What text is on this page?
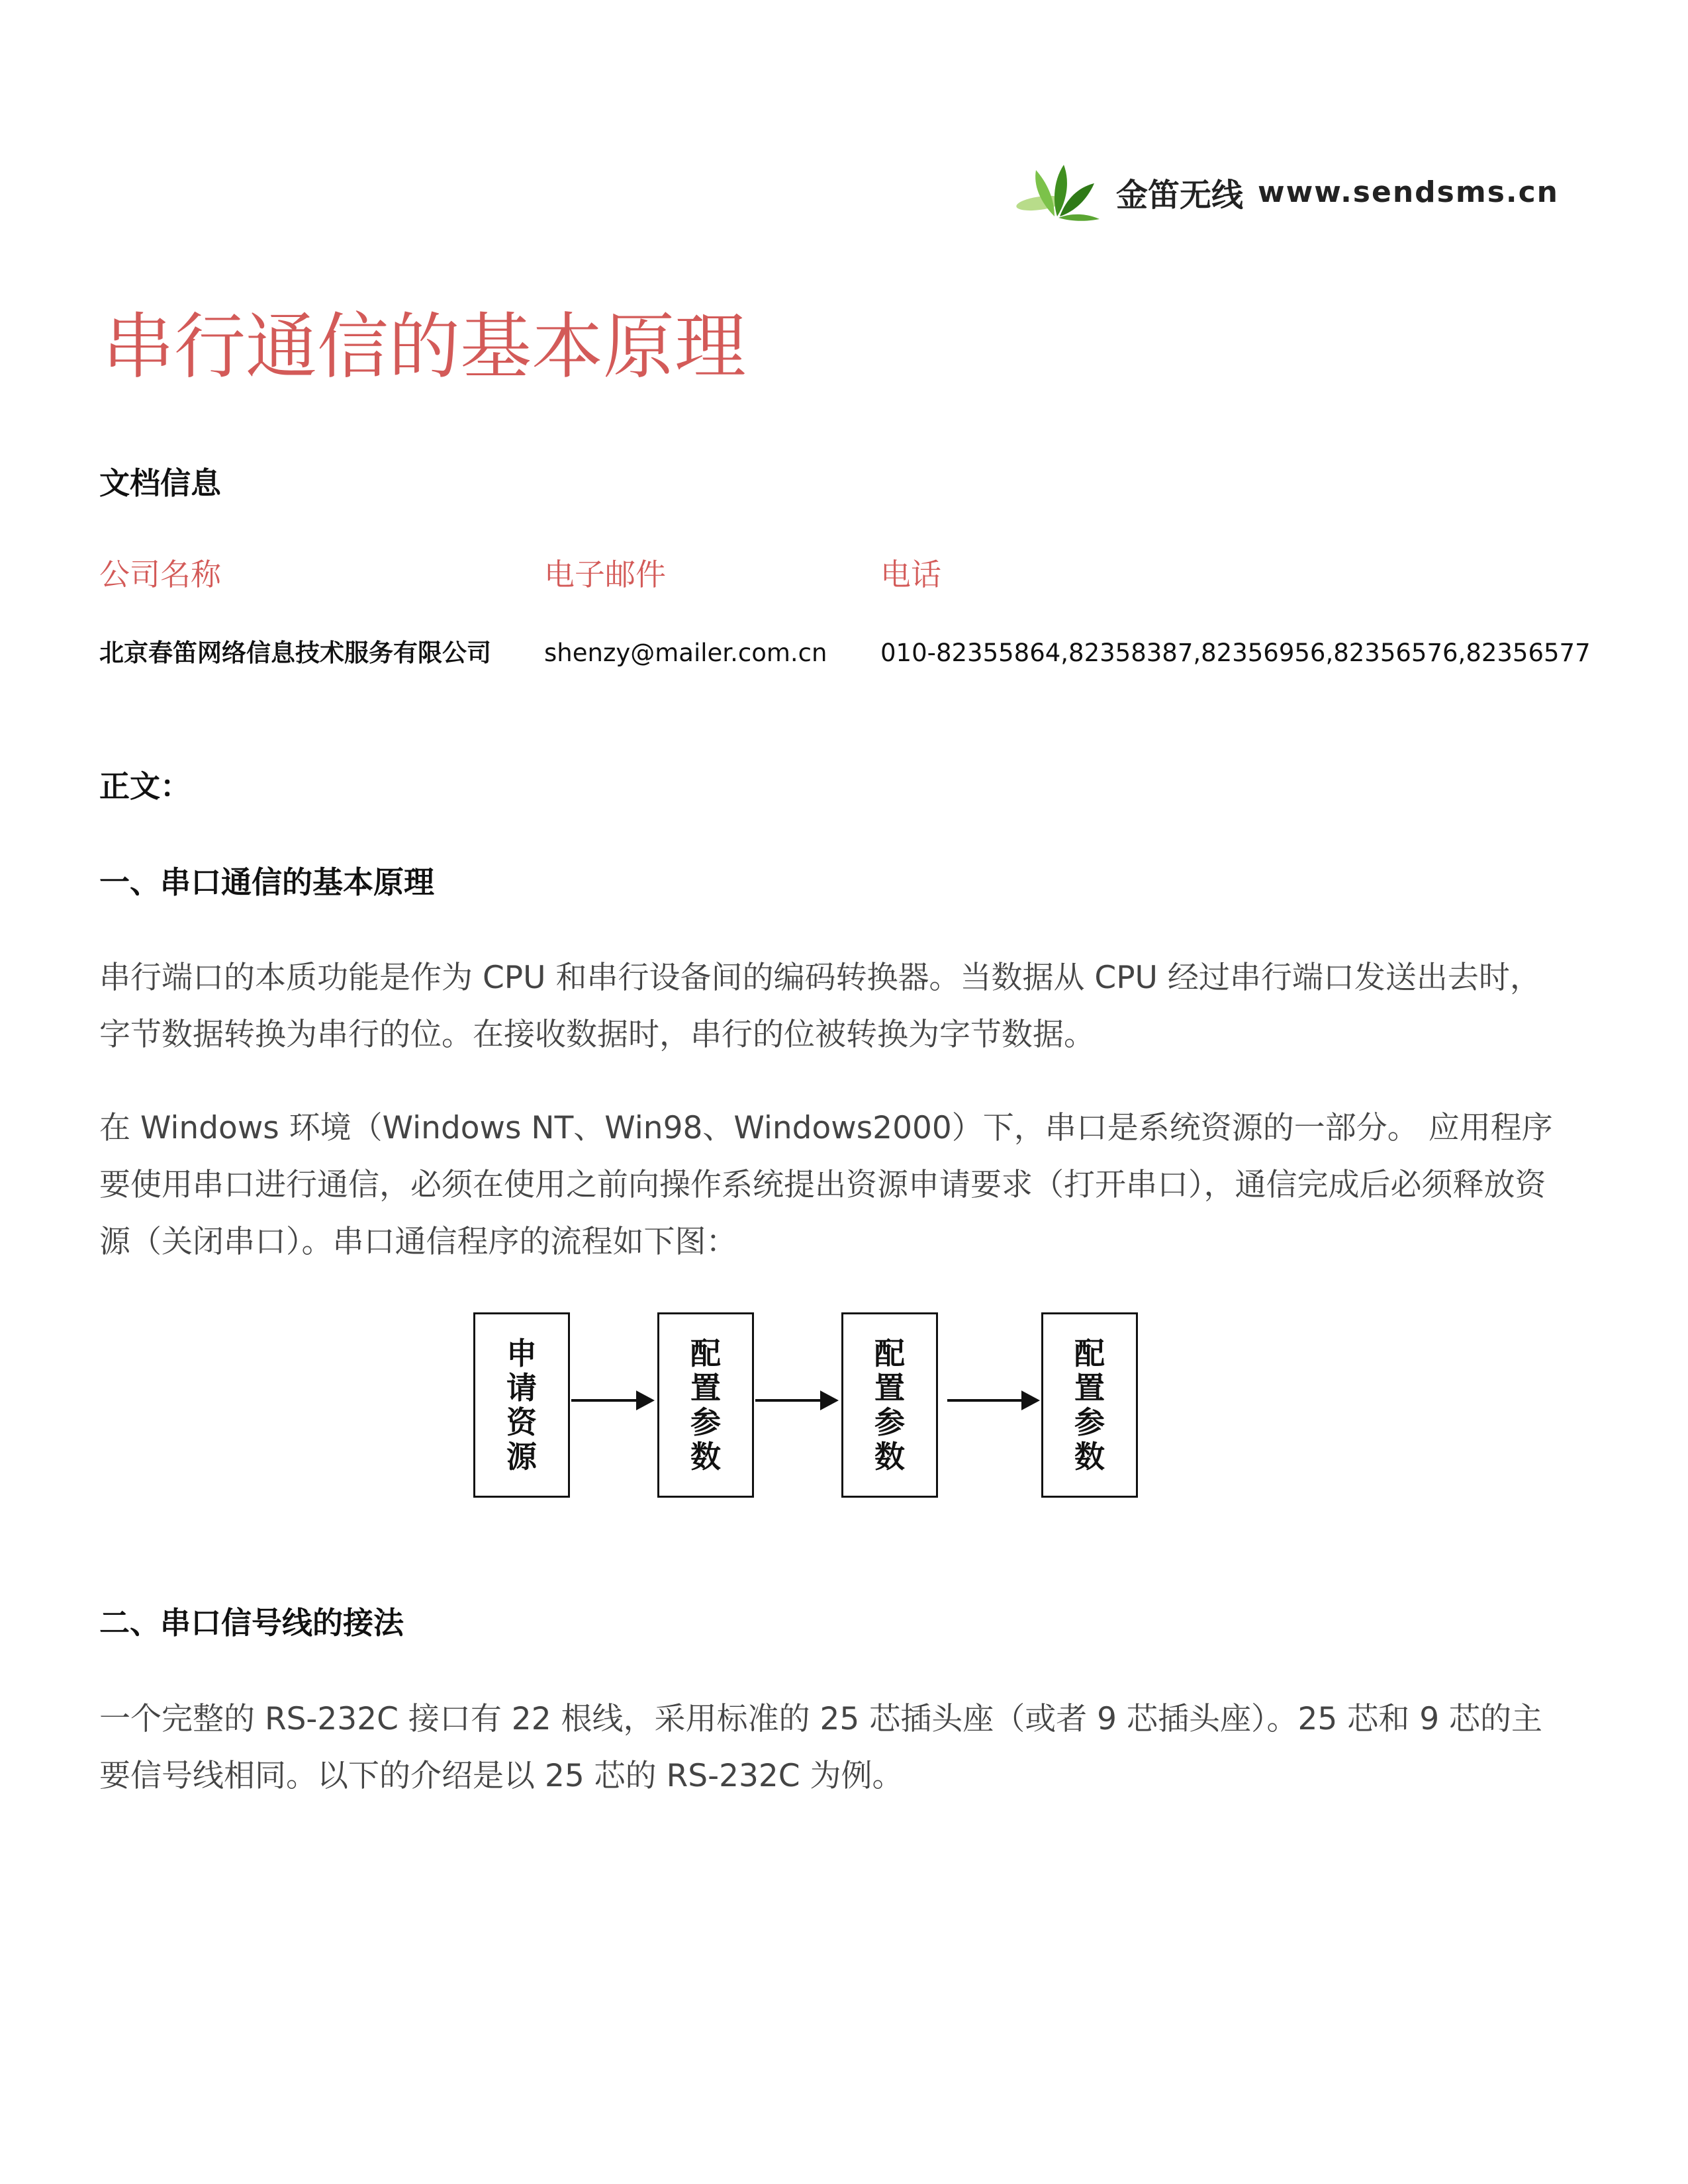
金笛无线 www.sendsms.cn
串行通信的基本原理
文档信息
公司名称	电子邮件	电话
北京春笛网络信息技术服务有限公司 shenzy@mailer.com.cn 010-82355864,82358387,82356956,82356576,82356577
正文：
一、串口通信的基本原理

串行端口的本质功能是作为 CPU 和串行设备间的编码转换器。当数据从 CPU 经过串行端口发送出去时，字节数据转换为串行的位。在接收数据时，串行的位被转换为字节数据。

在 Windows 环境（Windows NT、Win98、Windows2000）下，串口是系统资源的一部分。 应用程序要使用串口进行通信，必须在使用之前向操作系统提出资源申请要求（打开串口），通信完成后必须释放资源（关闭串口）。串口通信程序的流程如下图：

申
请
资
源
配
置
参
数
配
置
参
数
配
置
参
数
二、串口信号线的接法

一个完整的 RS-232C 接口有 22 根线，采用标准的 25 芯插头座（或者 9 芯插头座）。25 芯和 9 芯的主要信号线相同。以下的介绍是以 25 芯的 RS-232C 为例。
